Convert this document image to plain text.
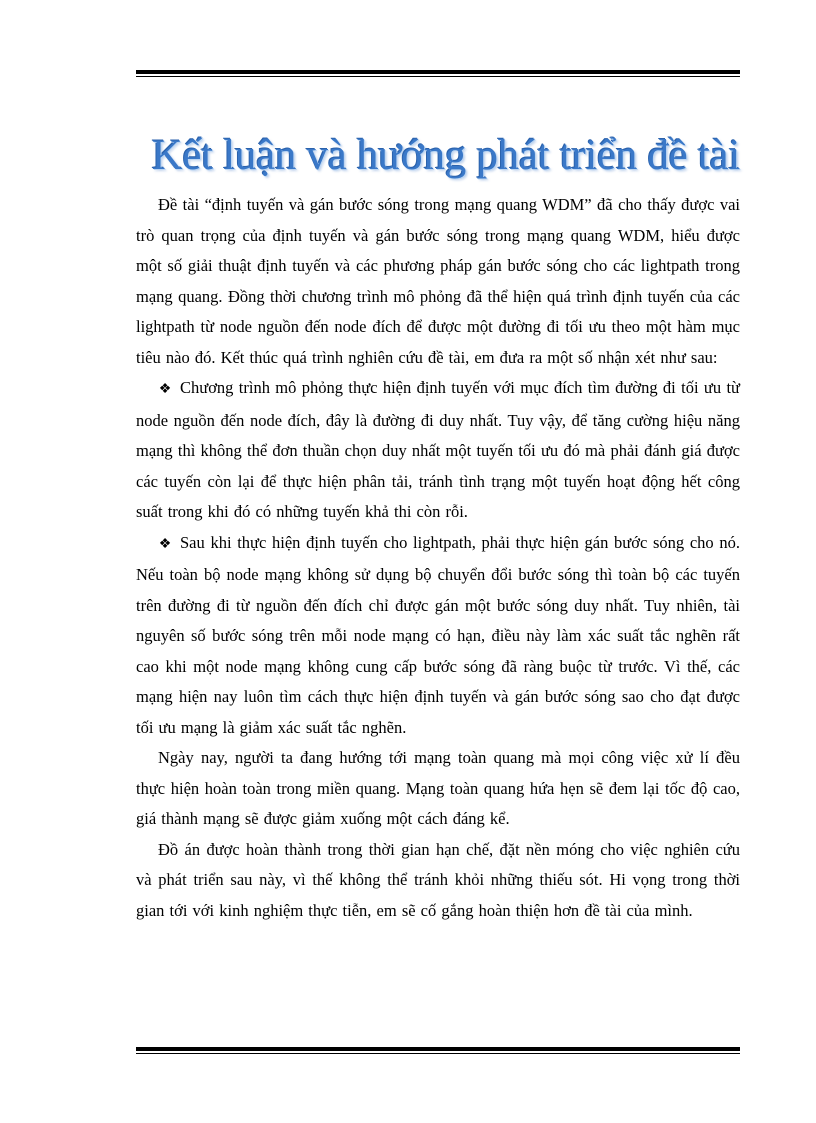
Kết luận và hướng phát triển đề tài

Đề tài “định tuyến và gán bước sóng trong mạng quang WDM” đã cho thấy được vai trò quan trọng của định tuyến và gán bước sóng trong mạng quang WDM, hiểu được một số giải thuật định tuyến và các phương pháp gán bước sóng cho các lightpath trong mạng quang. Đồng thời chương trình mô phỏng đã thể hiện quá trình định tuyến của các lightpath từ node nguồn đến node đích để được một đường đi tối ưu theo một hàm mục tiêu nào đó. Kết thúc quá trình nghiên cứu đề tài, em đưa ra một số nhận xét như sau:

❖ Chương trình mô phỏng thực hiện định tuyến với mục đích tìm đường đi tối ưu từ node nguồn đến node đích, đây là đường đi duy nhất. Tuy vậy, để tăng cường hiệu năng mạng thì không thể đơn thuần chọn duy nhất một tuyến tối ưu đó mà phải đánh giá được các tuyến còn lại để thực hiện phân tải, tránh tình trạng một tuyến hoạt động hết công suất trong khi đó có những tuyến khả thi còn rỗi.

❖ Sau khi thực hiện định tuyến cho lightpath, phải thực hiện gán bước sóng cho nó. Nếu toàn bộ node mạng không sử dụng bộ chuyển đổi bước sóng thì toàn bộ các tuyến trên đường đi từ nguồn đến đích chỉ được gán một bước sóng duy nhất. Tuy nhiên, tài nguyên số bước sóng trên mỗi node mạng có hạn, điều này làm xác suất tắc nghẽn rất cao khi một node mạng không cung cấp bước sóng đã ràng buộc từ trước. Vì thế, các mạng hiện nay luôn tìm cách thực hiện định tuyến và gán bước sóng sao cho đạt được tối ưu mạng là giảm xác suất tắc nghẽn.

Ngày nay, người ta đang hướng tới mạng toàn quang mà mọi công việc xử lí đều thực hiện hoàn toàn trong miền quang. Mạng toàn quang hứa hẹn sẽ đem lại tốc độ cao, giá thành mạng sẽ được giảm xuống một cách đáng kể.

Đồ án được hoàn thành trong thời gian hạn chế, đặt nền móng cho việc nghiên cứu và phát triển sau này, vì thế không thể tránh khỏi những thiếu sót. Hi vọng trong thời gian tới với kinh nghiệm thực tiễn, em sẽ cố gắng hoàn thiện hơn đề tài của mình.
